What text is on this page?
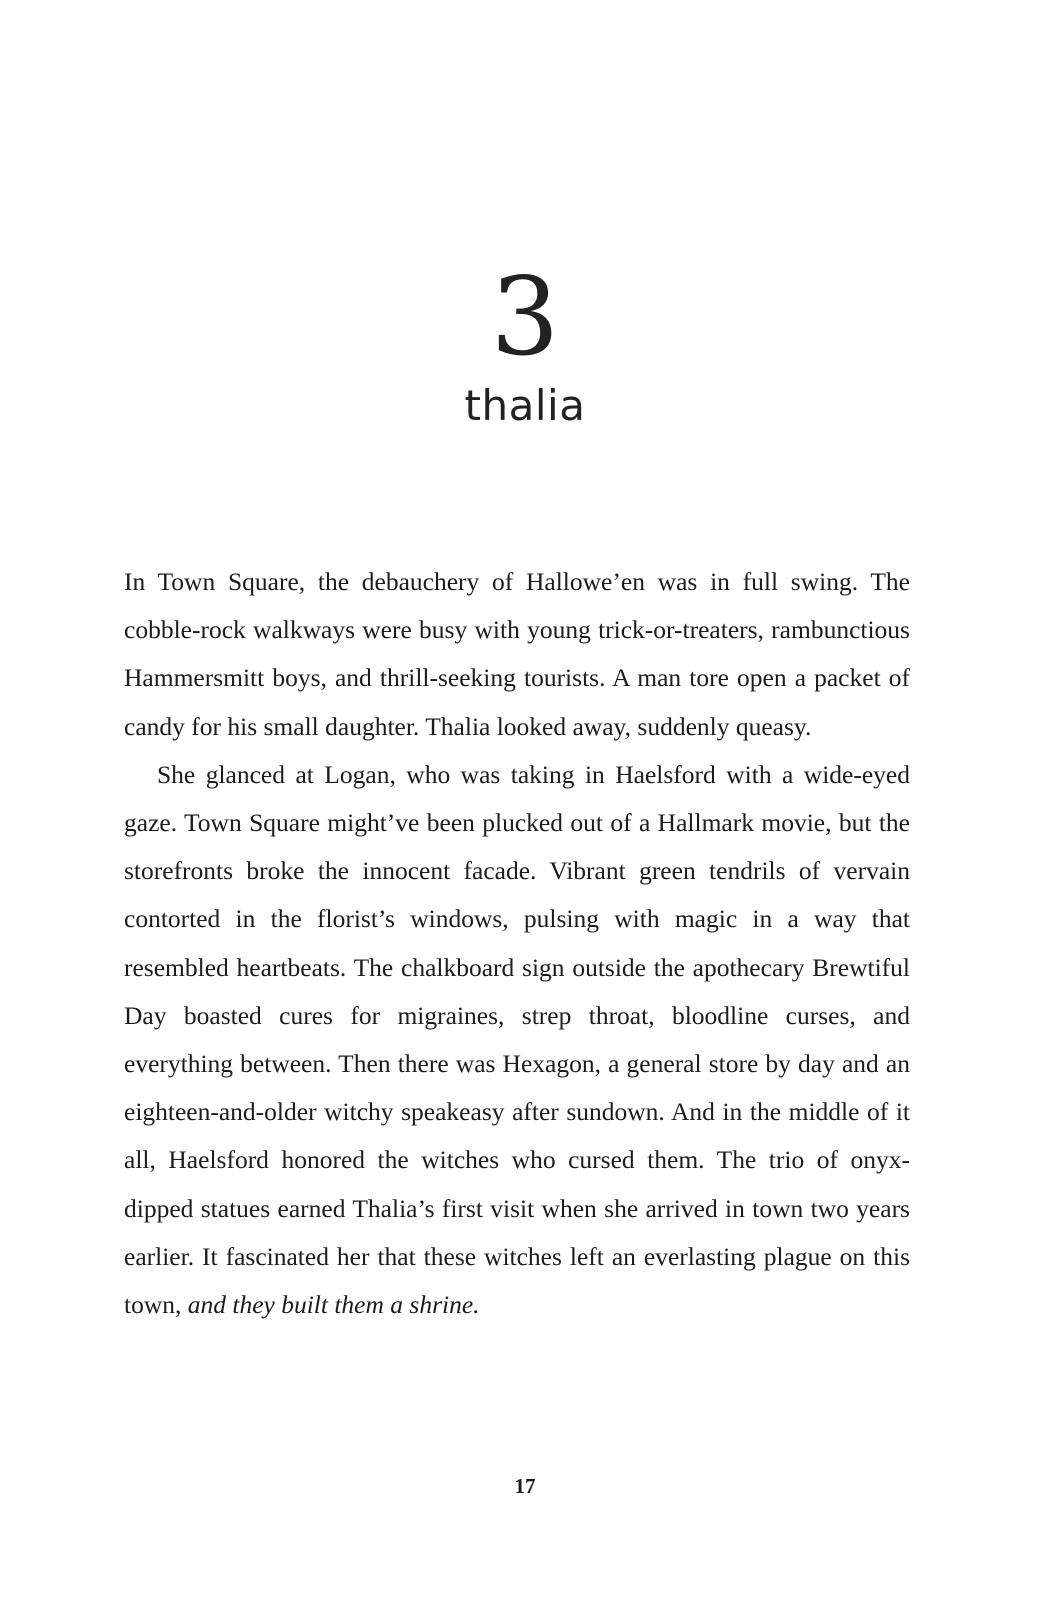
3
thalia

In Town Square, the debauchery of Hallowe’en was in full swing. The cobble-rock walkways were busy with young trick-or-treaters, rambunctious Hammersmitt boys, and thrill-seeking tourists. A man tore open a packet of candy for his small daughter. Thalia looked away, suddenly queasy.

She glanced at Logan, who was taking in Haelsford with a wide-eyed gaze. Town Square might’ve been plucked out of a Hallmark movie, but the storefronts broke the innocent facade. Vibrant green tendrils of vervain contorted in the florist’s windows, pulsing with magic in a way that resembled heartbeats. The chalkboard sign outside the apothecary Brewtiful Day boasted cures for migraines, strep throat, bloodline curses, and everything between. Then there was Hexagon, a general store by day and an eighteen-and-older witchy speakeasy after sundown. And in the middle of it all, Haelsford honored the witches who cursed them. The trio of onyx-dipped statues earned Thalia’s first visit when she arrived in town two years earlier. It fascinated her that these witches left an everlasting plague on this town, and they built them a shrine.

17
